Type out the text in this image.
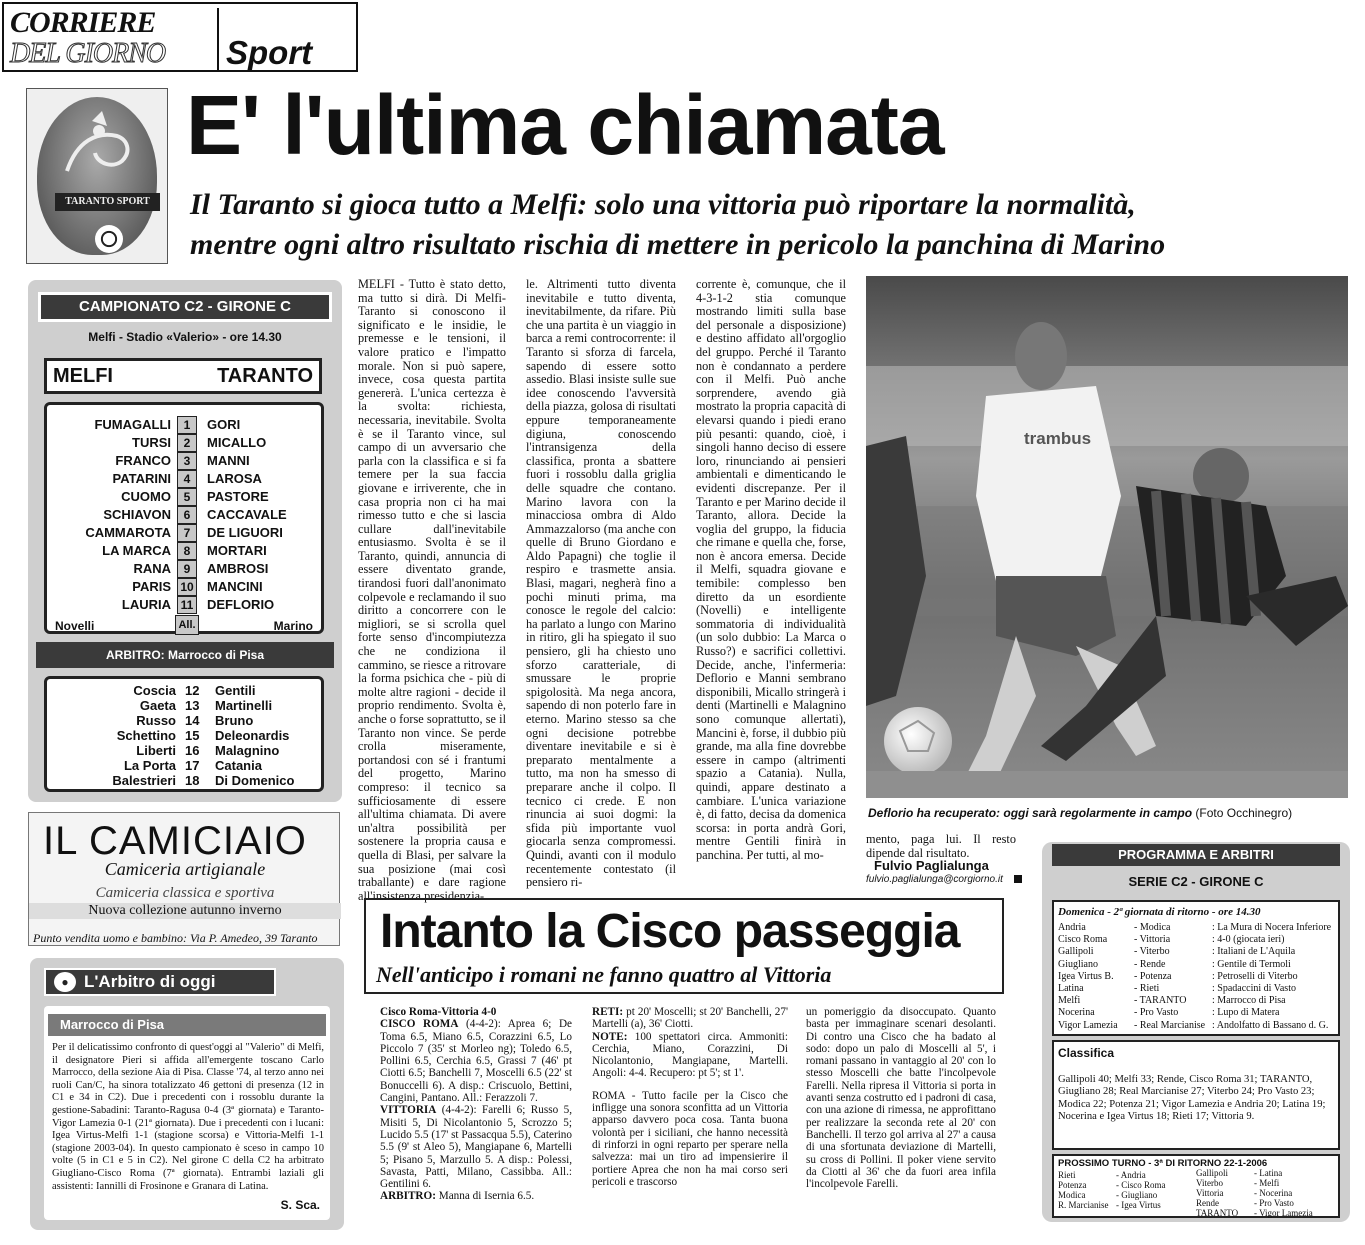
CORRIERE
DEL GIORNO Sport
TARANTO SPORT
E' l'ultima chiamata
Il Taranto si gioca tutto a Melfi: solo una vittoria può riportare la normalità,
mentre ogni altro risultato rischia di mettere in pericolo la panchina di Marino
CAMPIONATO C2 - GIRONE C
Melfi - Stadio «Valerio» - ore 14.30
MELFI	TARANTO
FUMAGALLI	1	GORI
TURSI	2	MICALLO
FRANCO	3	MANNI
PATARINI	4	LAROSA
CUOMO	5	PASTORE
SCHIAVON	6	CACCAVALE
CAMMAROTA	7	DE LIGUORI
LA MARCA	8	MORTARI
RANA	9	AMBROSI
PARIS 10 MANCINI
LAURIA 11 DEFLORIO
Novelli	All.	Marino
ARBITRO: Marrocco di Pisa
Coscia 12 Gentili
Gaeta 13 Martinelli
Russo 14 Bruno
Schettino 15 Deleonardis
Liberti 16 Malagnino
La Porta 17 Catania
Balestrieri 18 Di Domenico
IL CAMICIAIO
Camiceria artigianale
Camiceria classica e sportiva
Nuova collezione autunno inverno
Punto vendita uomo e bambino: Via P. Amedeo, 39 Taranto
● L'Arbitro di oggi
Marrocco di Pisa
Per il delicatissimo confronto di quest'oggi al "Valerio" di Melfi, il designatore Pieri si affida all'emergente toscano Carlo Marrocco, della sezione Aia di Pisa. Classe '74, al terzo anno nei ruoli Can/C, ha sinora totalizzato 46 gettoni di presenza (12 in C1 e 34 in C2). Due i precedenti con i rossoblu durante la gestione-Sabadini: Taranto-Ragusa 0-4 (3ª giornata) e Taranto-Vigor Lamezia 0-1 (21ª giornata). Due i precedenti con i lucani: Igea Virtus-Melfi 1-1 (stagione scorsa) e Vittoria-Melfi 1-1 (stagione 2003-04). In questo campionato è sceso in campo 10 volte (5 in C1 e 5 in C2). Nel girone C della C2 ha arbitrato Giugliano-Cisco Roma (7ª giornata). Entrambi laziali gli assistenti: Iannilli di Frosinone e Granara di Latina.
S. Sca.
MELFI - Tutto è stato detto, ma tutto si dirà. Di Melfi-Taranto si conoscono il significato e le insidie, le premesse e le tensioni, il valore pratico e l'impatto morale. Non si può sapere, invece, cosa questa partita genererà. L'unica certezza è la svolta: richiesta, necessaria, inevitabile. Svolta è se il Taranto vince, sul campo di un avversario che parla con la classifica e si fa temere per la sua faccia giovane e irriverente, che in casa propria non ci ha mai rimesso tutto e che si lascia cullare dall'inevitabile entusiasmo. Svolta è se il Taranto, quindi, annuncia di essere diventato grande, tirandosi fuori dall'anonimato colpevole e reclamando il suo diritto a concorrere con le migliori, se si scrolla quel forte senso d'incompiutezza che ne condiziona il cammino, se riesce a ritrovare la forma psichica che - più di molte altre ragioni - decide il proprio rendimento. Svolta è, anche o forse soprattutto, se il Taranto non vince. Se perde crolla miseramente, portandosi con sé i frantumi del progetto, Marino compreso: il tecnico sa sufficiosamente di essere all'ultima chiamata. Di avere un'altra possibilità per sostenere la propria causa e quella di Blasi, per salvare la sua posizione (mai così traballante) e dare ragione all'insistenza presidenzia-
le. Altrimenti tutto diventa inevitabile e tutto diventa, inevitabilmente, da rifare. Più che una partita è un viaggio in barca a remi controcorrente: il Taranto si sforza di farcela, sapendo di essere sotto assedio. Blasi insiste sulle sue idee conoscendo l'avversità della piazza, golosa di risultati eppure temporaneamente digiuna, conoscendo l'intransigenza della classifica, pronta a sbattere fuori i rossoblu dalla griglia delle squadre che contano. Marino lavora con la minacciosa ombra di Aldo Ammazzalorso (ma anche con quelle di Bruno Giordano e Aldo Papagni) che toglie il respiro e trasmette ansia. Blasi, magari, negherà fino a pochi minuti prima, ma conosce le regole del calcio: ha parlato a lungo con Marino in ritiro, gli ha spiegato il suo pensiero, gli ha chiesto uno sforzo caratteriale, di smussare le proprie spigolosità. Ma nega ancora, sapendo di non poterlo fare in eterno. Marino stesso sa che ogni decisione potrebbe diventare inevitabile e si è preparato mentalmente a tutto, ma non ha smesso di preparare anche il colpo. Il tecnico ci crede. E non rinuncia ai suoi dogmi: la sfida più importante vuol giocarla senza compromessi. Quindi, avanti con il modulo recentemente contestato (il pensiero ri-
corrente è, comunque, che il 4-3-1-2 stia comunque mostrando limiti sulla base del personale a disposizione) e destino affidato all'orgoglio del gruppo. Perché il Taranto non è condannato a perdere con il Melfi. Può anche sorprendere, avendo già mostrato la propria capacità di elevarsi quando i piedi erano più pesanti: quando, cioè, i singoli hanno deciso di essere loro, rinunciando ai pensieri ambientali e dimenticando le evidenti discrepanze. Per il Taranto e per Marino decide il Taranto, allora. Decide la voglia del gruppo, la fiducia che rimane e quella che, forse, non è ancora emersa. Decide il Melfi, squadra giovane e temibile: complesso ben diretto da un esordiente (Novelli) e intelligente sommatoria di individualità (un solo dubbio: La Marca o Russo?) e sacrifici collettivi. Decide, anche, l'infermeria: Deflorio e Manni sembrano disponibili, Micallo stringerà i denti (Martinelli e Malagnino sono comunque allertati), Mancini è, forse, il dubbio più grande, ma alla fine dovrebbe essere in campo (altrimenti spazio a Catania). Nulla, quindi, appare destinato a cambiare. L'unica variazione è, di fatto, decisa da domenica scorsa: in porta andrà Gori, mentre Gentili finirà in panchina. Per tutti, al mo-
mento, paga lui. Il resto dipende dal risultato.
Fulvio Paglialunga
fulvio.paglialunga@corgiorno.it
trambus
Deflorio ha recuperato: oggi sarà regolarmente in campo (Foto Occhinegro)
Intanto la Cisco passeggia
Nell'anticipo i romani ne fanno quattro al Vittoria
Cisco Roma-Vittoria 4-0
CISCO ROMA (4-4-2): Aprea 6; De Toma 6.5, Miano 6.5, Corazzini 6.5, Lo Piccolo 7 (35' st Morleo ng); Toledo 6.5, Pollini 6.5, Cerchia 6.5, Grassi 7 (46' pt Ciotti 6.5; Banchelli 7, Moscelli 6.5 (22' st Bonuccelli 6). A disp.: Criscuolo, Bettini, Cangini, Pantano. All.: Ferazzoli 7.
VITTORIA (4-4-2): Farelli 6; Russo 5, Misiti 5, Di Nicolantonio 5, Scrozzo 5; Lucido 5.5 (17' st Passacqua 5.5), Caterino 5.5 (9' st Aleo 5), Mangiapane 6, Martelli 5; Pisano 5, Marzullo 5. A disp.: Polessi, Savasta, Patti, Milano, Cassibba. All.: Gentilini 6.
ARBITRO: Manna di Isernia 6.5.
RETI: pt 20' Moscelli; st 20' Banchelli, 27' Martelli (a), 36' Ciotti.
NOTE: 100 spettatori circa. Ammoniti: Cerchia, Miano, Corazzini, Di Nicolantonio, Mangiapane, Martelli. Angoli: 4-4. Recupero: pt 5'; st 1'.
ROMA - Tutto facile per la Cisco che infligge una sonora sconfitta ad un Vittoria apparso davvero poca cosa. Tanta buona volontà per i siciliani, che hanno necessità di rinforzi in ogni reparto per sperare nella salvezza: mai un tiro ad impensierire il portiere Aprea che non ha mai corso seri pericoli e trascorso
un pomeriggio da disoccupato. Quanto basta per immaginare scenari desolanti. Di contro una Cisco che ha badato al sodo: dopo un palo di Moscelli al 5', i romani passano in vantaggio al 20' con lo stesso Moscelli che batte l'incolpevole Farelli. Nella ripresa il Vittoria si porta in avanti senza costrutto ed i padroni di casa, con una azione di rimessa, ne approfittano per realizzare la seconda rete al 20' con Banchelli. Il terzo gol arriva al 27' a causa di una sfortunata deviazione di Martelli, su cross di Pollini. Il poker viene servito da Ciotti al 36' che da fuori area infila l'incolpevole Farelli.
PROGRAMMA E ARBITRI
SERIE C2 - GIRONE C
Domenica - 2ª giornata di ritorno - ore 14.30
Andria	- Modica	: La Mura di Nocera Inferiore
Cisco Roma	- Vittoria	: 4-0 (giocata ieri)
Gallipoli	- Viterbo	: Italiani de L'Aquila
Giugliano	- Rende	: Gentile di Termoli
Igea Virtus B. - Potenza	: Petroselli di Viterbo
Latina	- Rieti	: Spadaccini di Vasto
Melfi	- TARANTO	: Marrocco di Pisa
Nocerina	- Pro Vasto	: Lupo di Matera
Vigor Lamezia - Real Marcianise : Andolfatto di Bassano d. G.
Classifica
Gallipoli 40; Melfi 33; Rende, Cisco Roma 31; TARANTO, Giugliano 28; Real Marcianise 27; Viterbo 24; Pro Vasto 23; Modica 22; Potenza 21; Vigor Lamezia e Andria 20; Latina 19; Nocerina e Igea Virtus 18; Rieti 17; Vittoria 9.
PROSSIMO TURNO - 3ª DI RITORNO 22-1-2006
Rieti	- Andria
Potenza	- Cisco Roma
Modica	- Giugliano
R. Marcianise - Igea Virtus
Gallipoli	- Latina
Viterbo	- Melfi
Vittoria	- Nocerina
Rende	- Pro Vasto
TARANTO - Vigor Lamezia
